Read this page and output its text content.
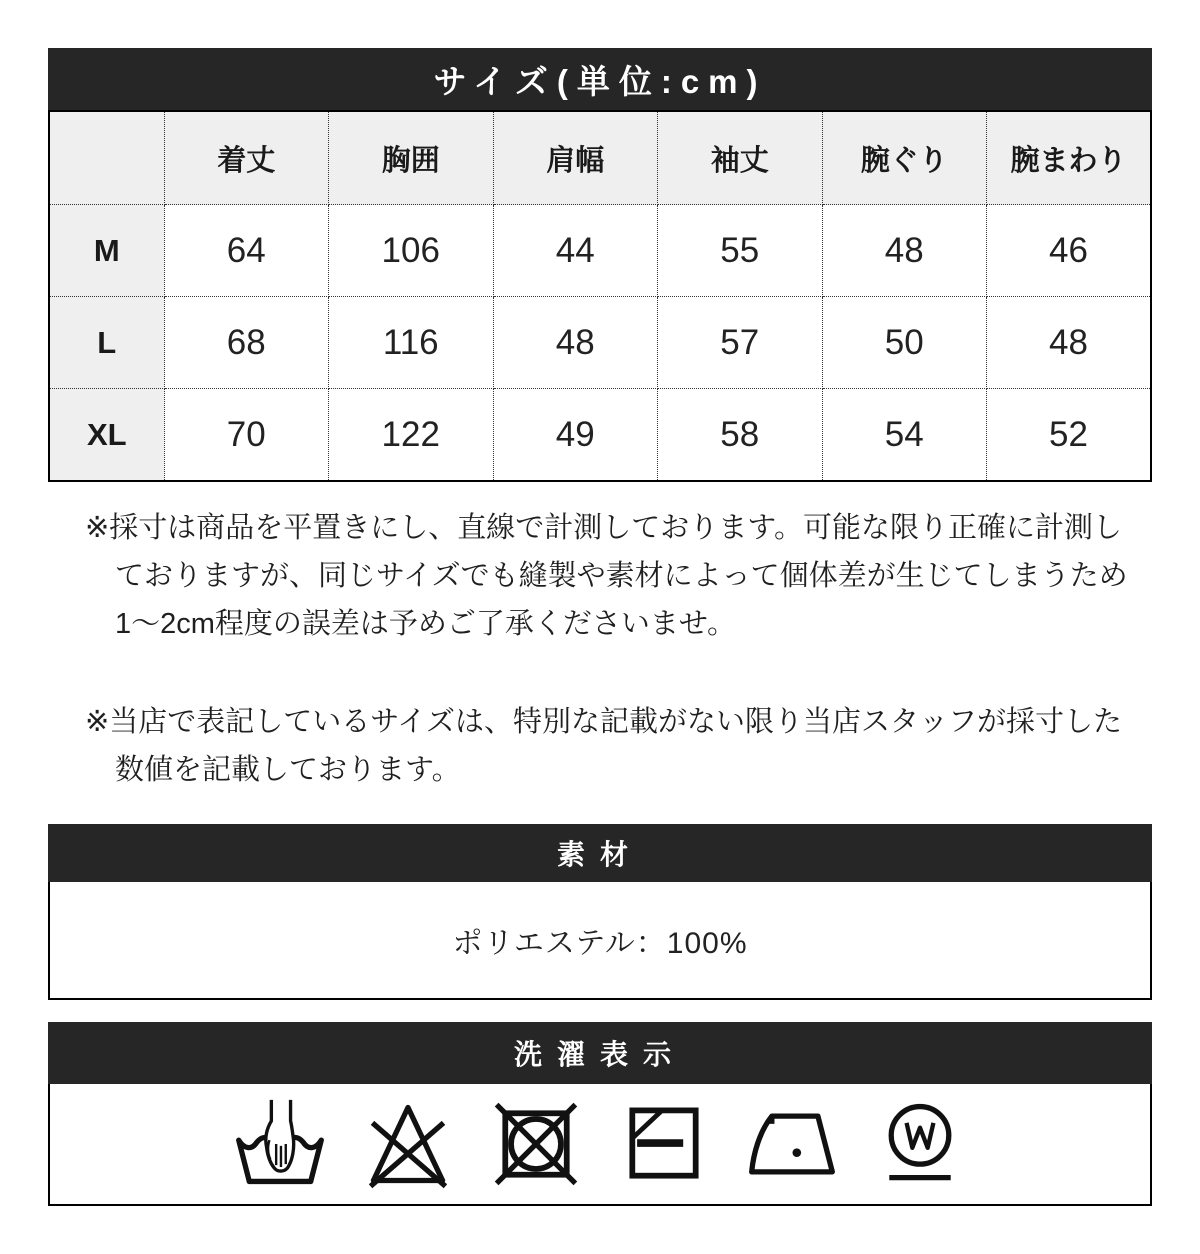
サイズ(単位:cm)
	着丈	胸囲	肩幅	袖丈	腕ぐり	腕まわり
M	64	106	44	55	48	46
L	68	116	48	57	50	48
XL	70	122	49	58	54	52
※採寸は商品を平置きにし、直線で計測しております。可能な限り正確に計測し
ておりますが、同じサイズでも縫製や素材によって個体差が生じてしまうため
1〜2cm程度の誤差は予めご了承くださいませ。
※当店で表記しているサイズは、特別な記載がない限り当店スタッフが採寸した
数値を記載しております。
素材
ポリエステル：100%
洗濯表示
